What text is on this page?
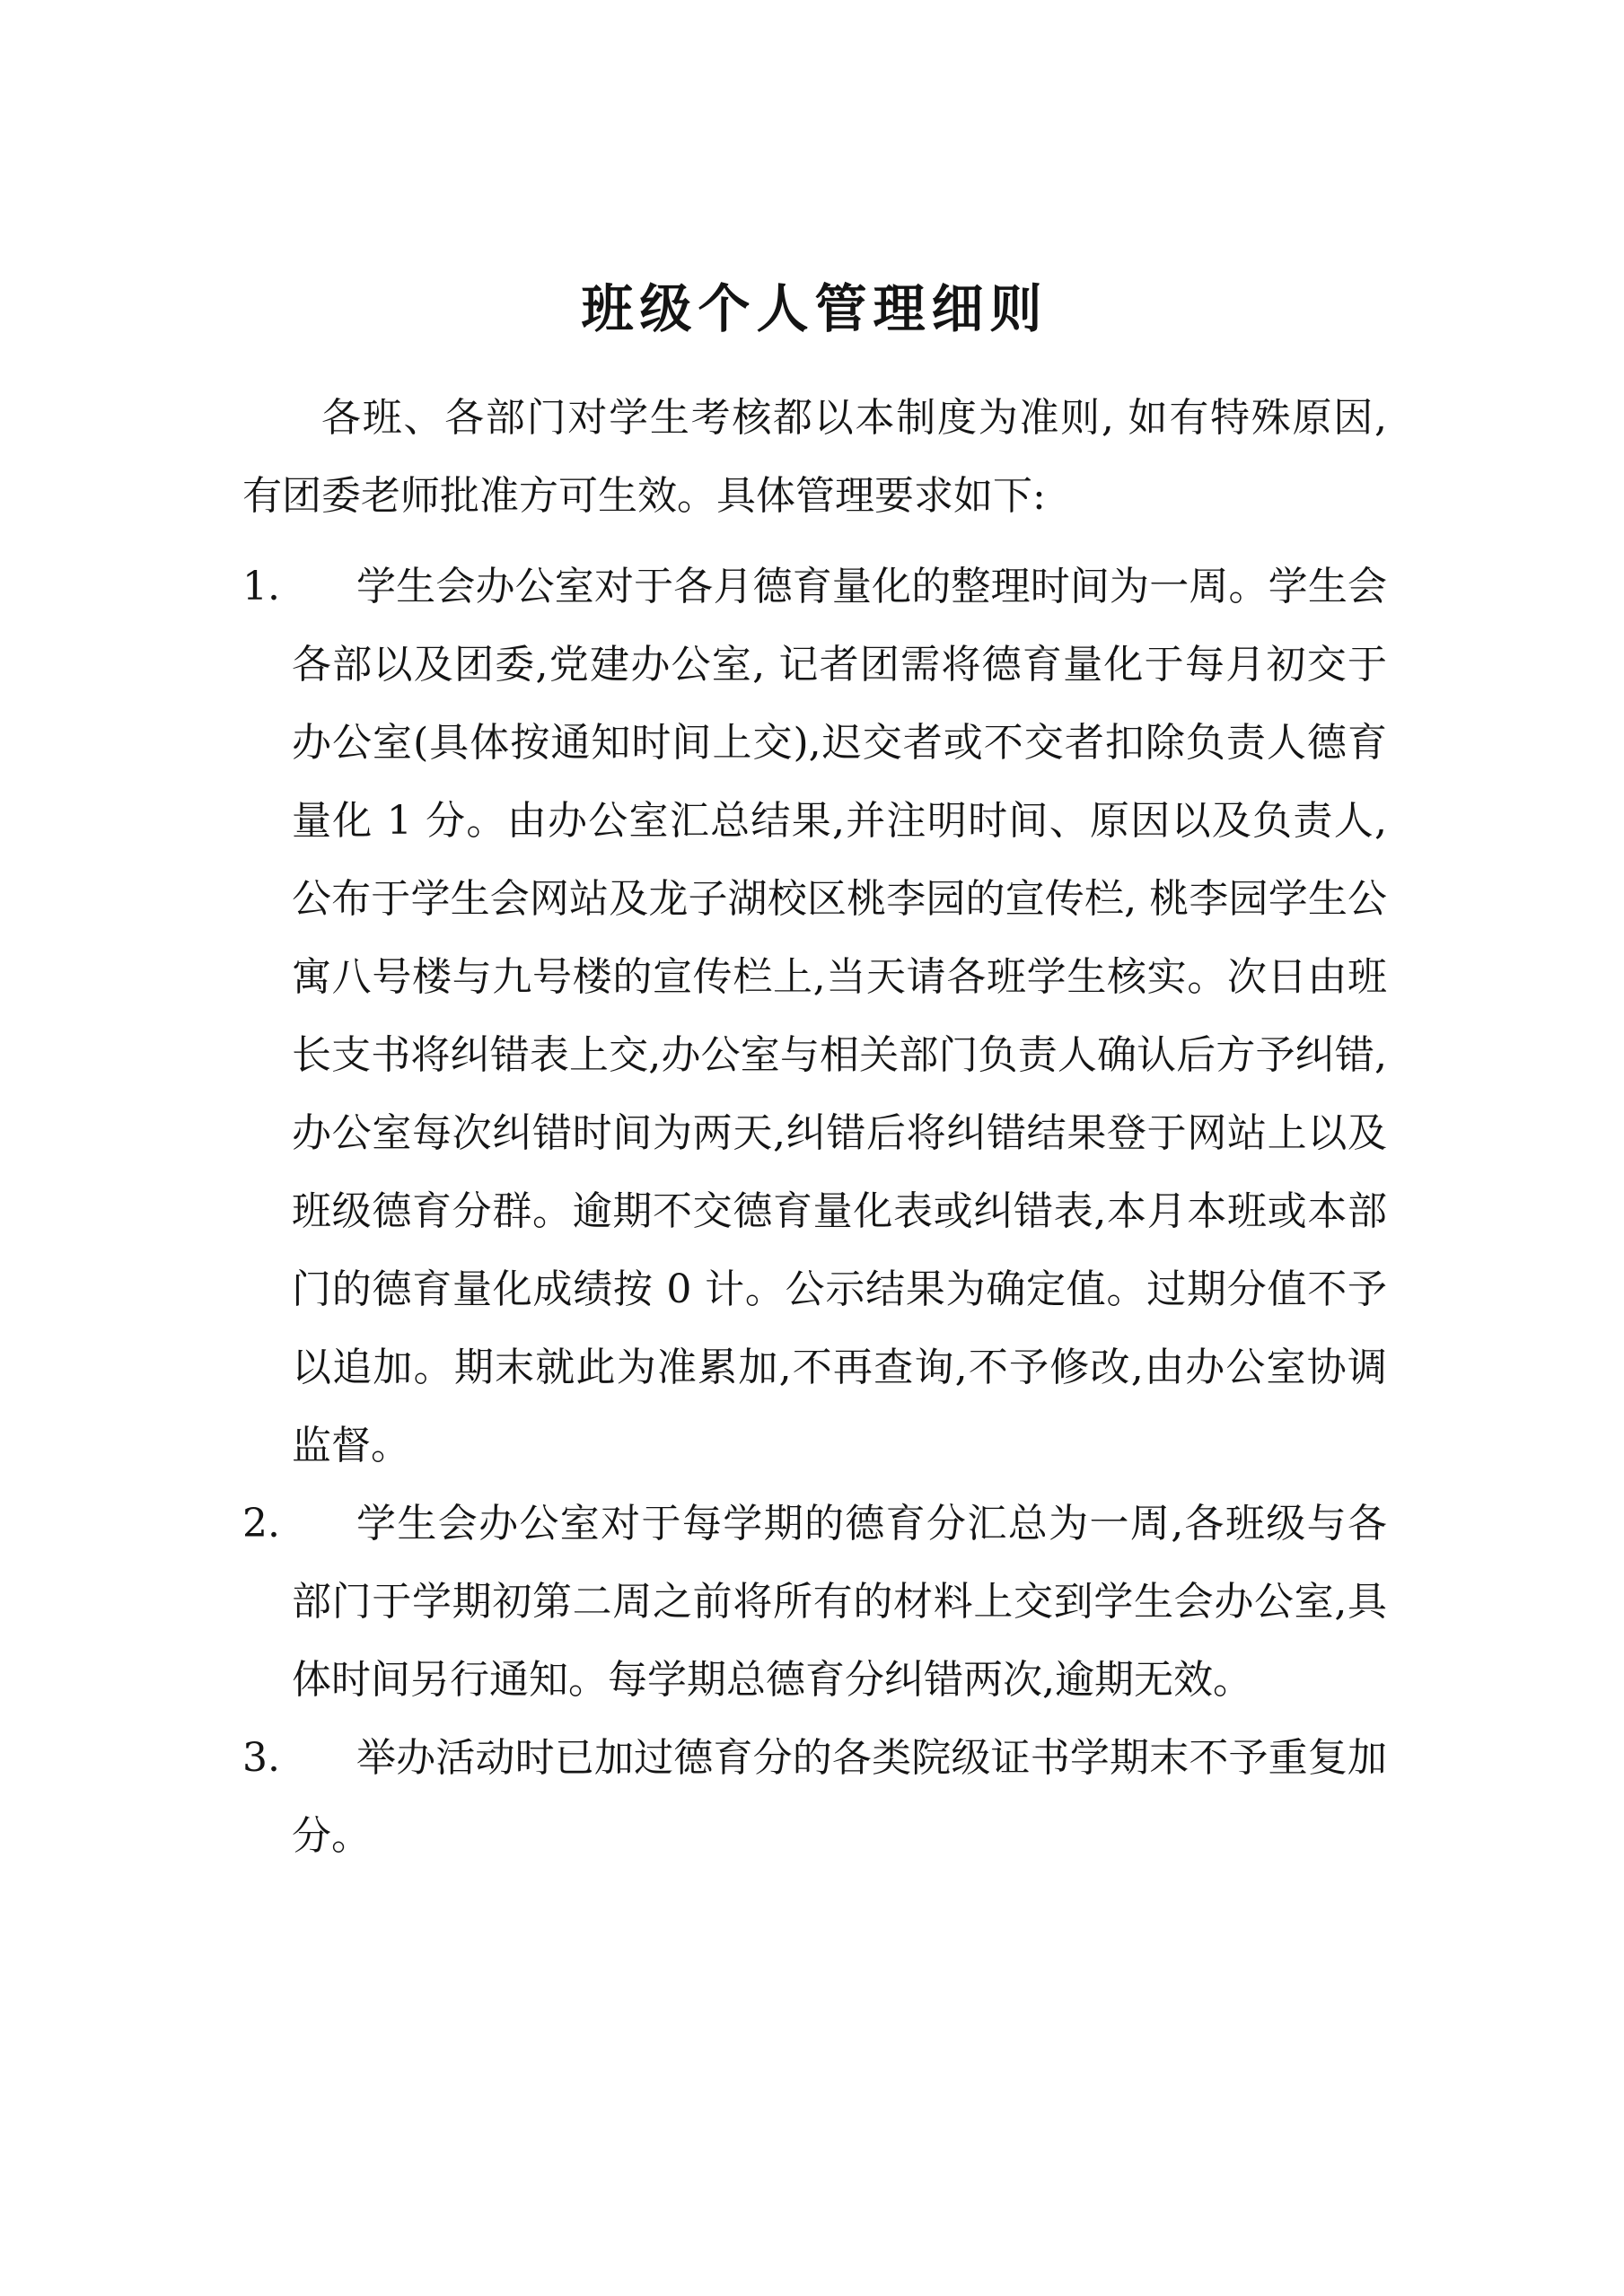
班级个人管理细则

各班、各部门对学生考核都以本制度为准则, 如有特殊原因, 有团委老师批准方可生效。具体管理要求如下:

1. 学生会办公室对于各月德育量化的整理时间为一周。学生会各部以及团委,党建办公室, 记者团需将德育量化于每月初交于办公室(具体按通知时间上交),迟交者或不交者扣除负责人德育量化 1 分。由办公室汇总结果,并注明时间、原因以及负责人,公布于学生会网站及龙子湖校区桃李园的宣传栏, 桃李园学生公寓八号楼与九号楼的宣传栏上,当天请各班学生核实。次日由班长支书将纠错表上交,办公室与相关部门负责人确认后方予纠错,办公室每次纠错时间为两天,纠错后将纠错结果登于网站上以及班级德育分群。逾期不交德育量化表或纠错表,本月本班或本部门的德育量化成绩按 0 计。公示结果为确定值。过期分值不予以追加。期末就此为准累加,不再查询,不予修改,由办公室协调监督。
2. 学生会办公室对于每学期的德育分汇总为一周,各班级与各部门于学期初第二周之前将所有的材料上交到学生会办公室,具体时间另行通知。每学期总德育分纠错两次,逾期无效。
3. 举办活动时已加过德育分的各类院级证书学期末不予重复加分。
